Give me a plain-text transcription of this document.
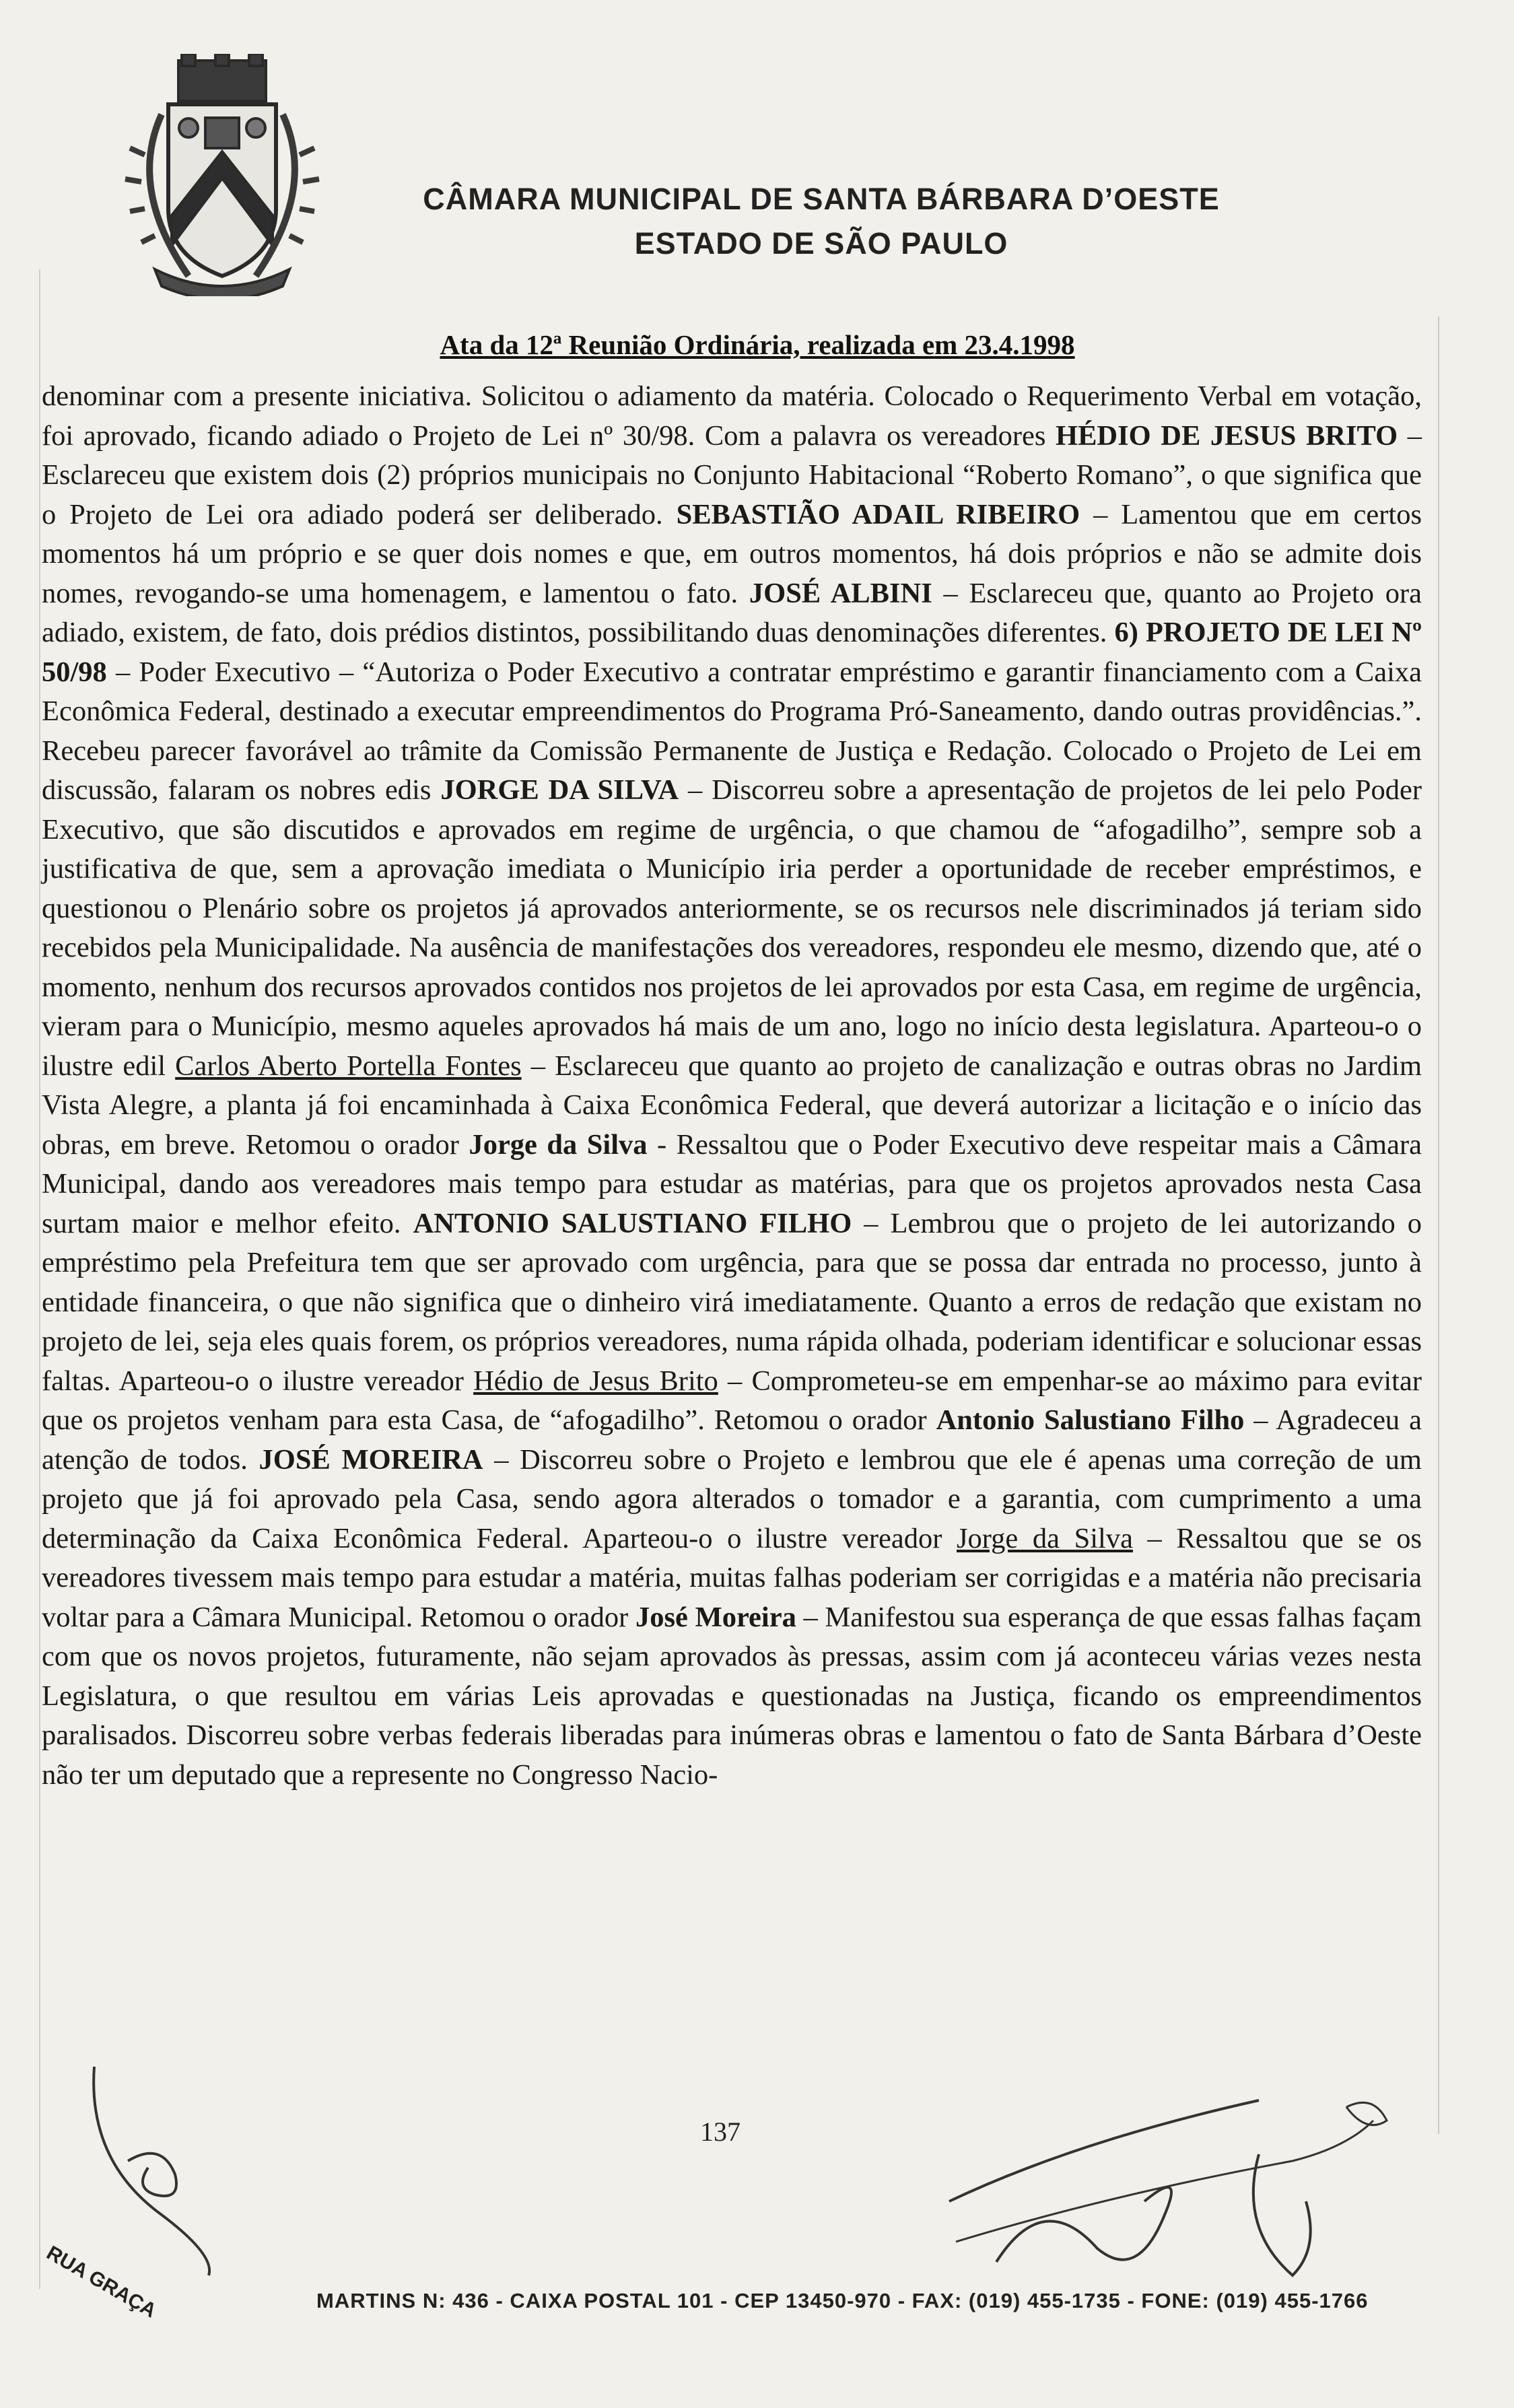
CÂMARA MUNICIPAL DE SANTA BÁRBARA D’OESTE
ESTADO DE SÃO PAULO
Ata da 12ª Reunião Ordinária, realizada em 23.4.1998
denominar com a presente iniciativa. Solicitou o adiamento da matéria. Colocado o Requerimento Verbal em votação, foi aprovado, ficando adiado o Projeto de Lei nº 30/98. Com a palavra os vereadores HÉDIO DE JESUS BRITO – Esclareceu que existem dois (2) próprios municipais no Conjunto Habitacional “Roberto Romano”, o que significa que o Projeto de Lei ora adiado poderá ser deliberado. SEBASTIÃO ADAIL RIBEIRO – Lamentou que em certos momentos há um próprio e se quer dois nomes e que, em outros momentos, há dois próprios e não se admite dois nomes, revogando-se uma homenagem, e lamentou o fato. JOSÉ ALBINI – Esclareceu que, quanto ao Projeto ora adiado, existem, de fato, dois prédios distintos, possibilitando duas denominações diferentes. 6) PROJETO DE LEI Nº 50/98 – Poder Executivo – “Autoriza o Poder Executivo a contratar empréstimo e garantir financiamento com a Caixa Econômica Federal, destinado a executar empreendimentos do Programa Pró-Saneamento, dando outras providências.”. Recebeu parecer favorável ao trâmite da Comissão Permanente de Justiça e Redação. Colocado o Projeto de Lei em discussão, falaram os nobres edis JORGE DA SILVA – Discorreu sobre a apresentação de projetos de lei pelo Poder Executivo, que são discutidos e aprovados em regime de urgência, o que chamou de “afogadilho”, sempre sob a justificativa de que, sem a aprovação imediata o Município iria perder a oportunidade de receber empréstimos, e questionou o Plenário sobre os projetos já aprovados anteriormente, se os recursos nele discriminados já teriam sido recebidos pela Municipalidade. Na ausência de manifestações dos vereadores, respondeu ele mesmo, dizendo que, até o momento, nenhum dos recursos aprovados contidos nos projetos de lei aprovados por esta Casa, em regime de urgência, vieram para o Município, mesmo aqueles aprovados há mais de um ano, logo no início desta legislatura. Aparteou-o o ilustre edil Carlos Aberto Portella Fontes – Esclareceu que quanto ao projeto de canalização e outras obras no Jardim Vista Alegre, a planta já foi encaminhada à Caixa Econômica Federal, que deverá autorizar a licitação e o início das obras, em breve. Retomou o orador Jorge da Silva - Ressaltou que o Poder Executivo deve respeitar mais a Câmara Municipal, dando aos vereadores mais tempo para estudar as matérias, para que os projetos aprovados nesta Casa surtam maior e melhor efeito. ANTONIO SALUSTIANO FILHO – Lembrou que o projeto de lei autorizando o empréstimo pela Prefeitura tem que ser aprovado com urgência, para que se possa dar entrada no processo, junto à entidade financeira, o que não significa que o dinheiro virá imediatamente. Quanto a erros de redação que existam no projeto de lei, seja eles quais forem, os próprios vereadores, numa rápida olhada, poderiam identificar e solucionar essas faltas. Aparteou-o o ilustre vereador Hédio de Jesus Brito – Comprometeu-se em empenhar-se ao máximo para evitar que os projetos venham para esta Casa, de “afogadilho”. Retomou o orador Antonio Salustiano Filho – Agradeceu a atenção de todos. JOSÉ MOREIRA – Discorreu sobre o Projeto e lembrou que ele é apenas uma correção de um projeto que já foi aprovado pela Casa, sendo agora alterados o tomador e a garantia, com cumprimento a uma determinação da Caixa Econômica Federal. Aparteou-o o ilustre vereador Jorge da Silva – Ressaltou que se os vereadores tivessem mais tempo para estudar a matéria, muitas falhas poderiam ser corrigidas e a matéria não precisaria voltar para a Câmara Municipal. Retomou o orador José Moreira – Manifestou sua esperança de que essas falhas façam com que os novos projetos, futuramente, não sejam aprovados às pressas, assim com já aconteceu várias vezes nesta Legislatura, o que resultou em várias Leis aprovadas e questionadas na Justiça, ficando os empreendimentos paralisados. Discorreu sobre verbas federais liberadas para inúmeras obras e lamentou o fato de Santa Bárbara d’Oeste não ter um deputado que a represente no Congresso Nacio-
137
RUA GRAÇA	MARTINS N: 436 - CAIXA POSTAL 101 - CEP 13450-970 - FAX: (019) 455-1735 - FONE: (019) 455-1766
